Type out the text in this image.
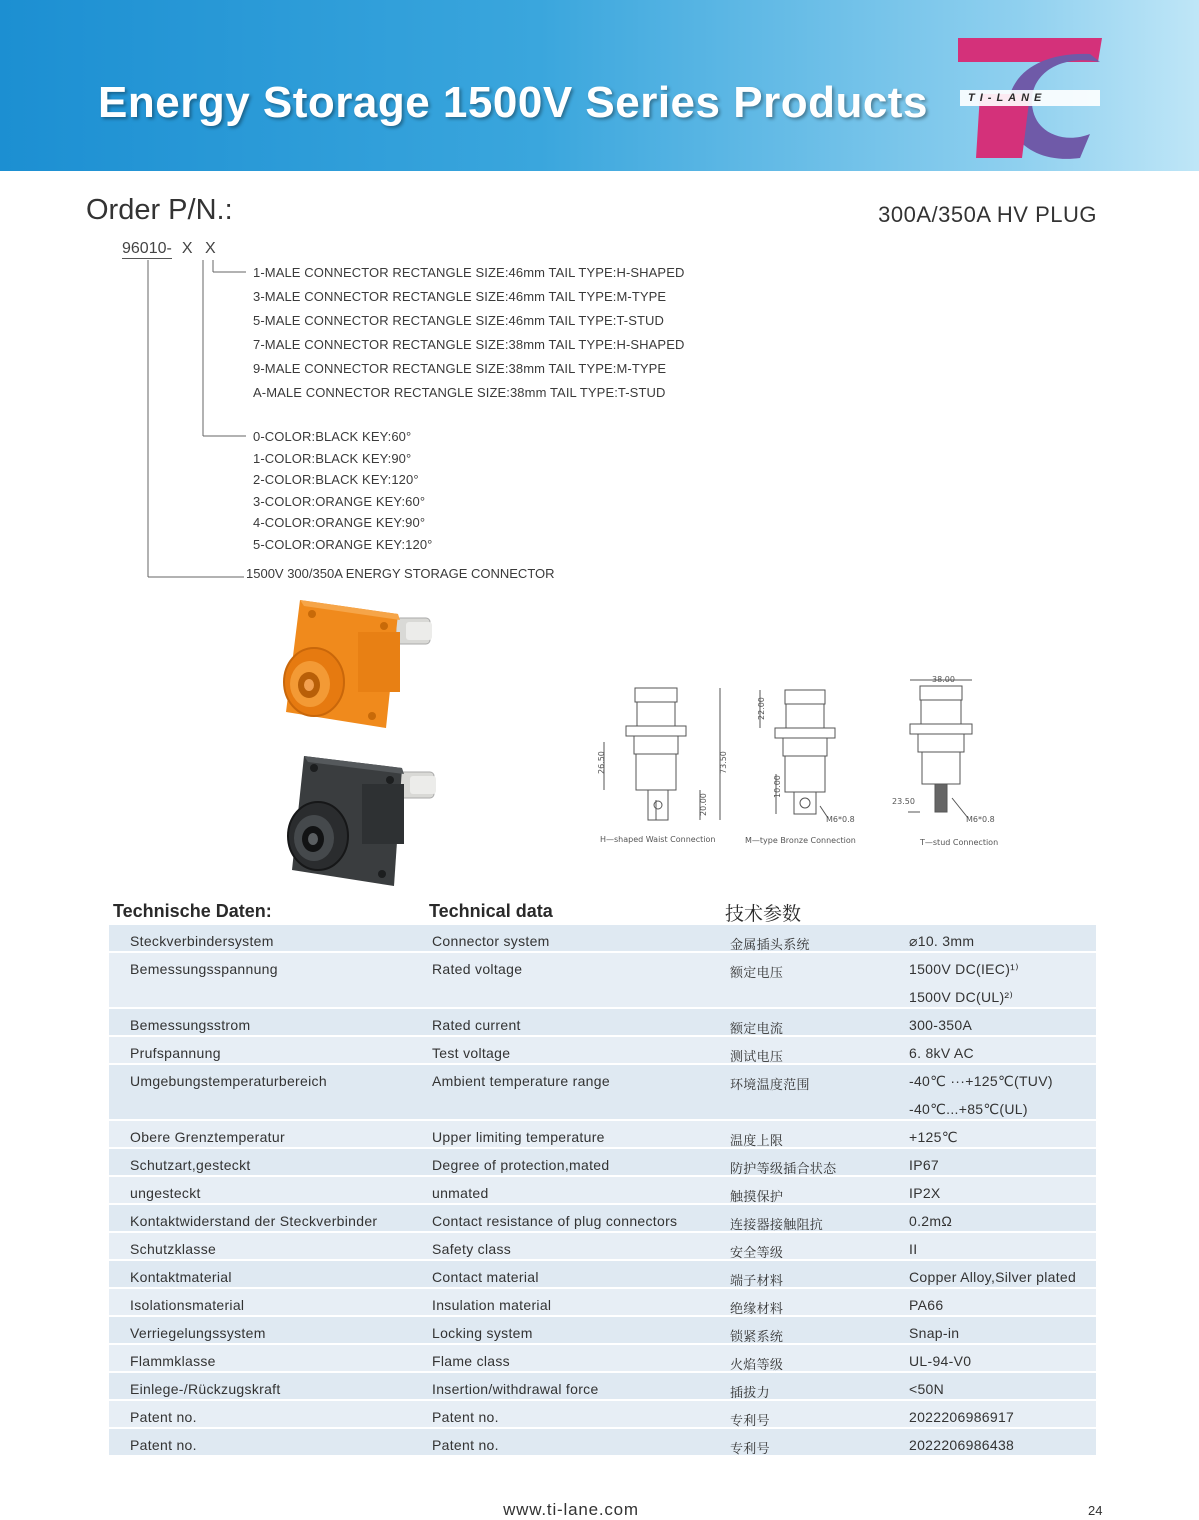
Energy Storage 1500V Series Products	TI-LANE
Order P/N.:	300A/350A HV PLUG
96010- X X
1-MALE CONNECTOR RECTANGLE SIZE:46mm TAIL TYPE:H-SHAPED
3-MALE CONNECTOR RECTANGLE SIZE:46mm TAIL TYPE:M-TYPE
5-MALE CONNECTOR RECTANGLE SIZE:46mm TAIL TYPE:T-STUD
7-MALE CONNECTOR RECTANGLE SIZE:38mm TAIL TYPE:H-SHAPED
9-MALE CONNECTOR RECTANGLE SIZE:38mm TAIL TYPE:M-TYPE
A-MALE CONNECTOR RECTANGLE SIZE:38mm TAIL TYPE:T-STUD
0-COLOR:BLACK KEY:60°
1-COLOR:BLACK KEY:90°
2-COLOR:BLACK KEY:120°
3-COLOR:ORANGE KEY:60°
4-COLOR:ORANGE KEY:90°
5-COLOR:ORANGE KEY:120°
1500V 300/350A ENERGY STORAGE CONNECTOR
26.50	73.50
20.00
22.00
10.00
38.00
23.50
M6*0.8	M6*0.8
H—shaped Waist Connection	M—type Bronze Connection	T—stud Connection
Technische Daten:	Technical data	技术参数
Steckverbindersystem	Connector system	金属插头系统	⌀10. 3mm
Bemessungsspannung	Rated voltage	额定电压	1500V DC(IEC)¹⁾
1500V DC(UL)²⁾
Bemessungsstrom	Rated current	额定电流	300-350A
Prufspannung	Test voltage	测试电压	6. 8kV AC
Umgebungstemperaturbereich	Ambient temperature range	环境温度范围	-40℃ ···+125℃(TUV)
-40℃...+85℃(UL)
Obere Grenztemperatur	Upper limiting temperature	温度上限	+125℃
Schutzart,gesteckt	Degree of protection,mated	防护等级插合状态	IP67
ungesteckt	unmated	触摸保护	IP2X
Kontaktwiderstand der Steckverbinder	Contact resistance of plug connectors	连接器接触阻抗	0.2mΩ
Schutzklasse	Safety class	安全等级	II
Kontaktmaterial	Contact material	端子材料	Copper Alloy,Silver plated
Isolationsmaterial	Insulation material	绝缘材料	PA66
Verriegelungssystem	Locking system	锁紧系统	Snap-in
Flammklasse	Flame class	火焰等级	UL-94-V0
Einlege-/Rückzugskraft	Insertion/withdrawal force	插拔力	<50N
Patent no.	Patent no.	专利号	2022206986917
Patent no.	Patent no.	专利号	2022206986438
www.ti-lane.com	24
